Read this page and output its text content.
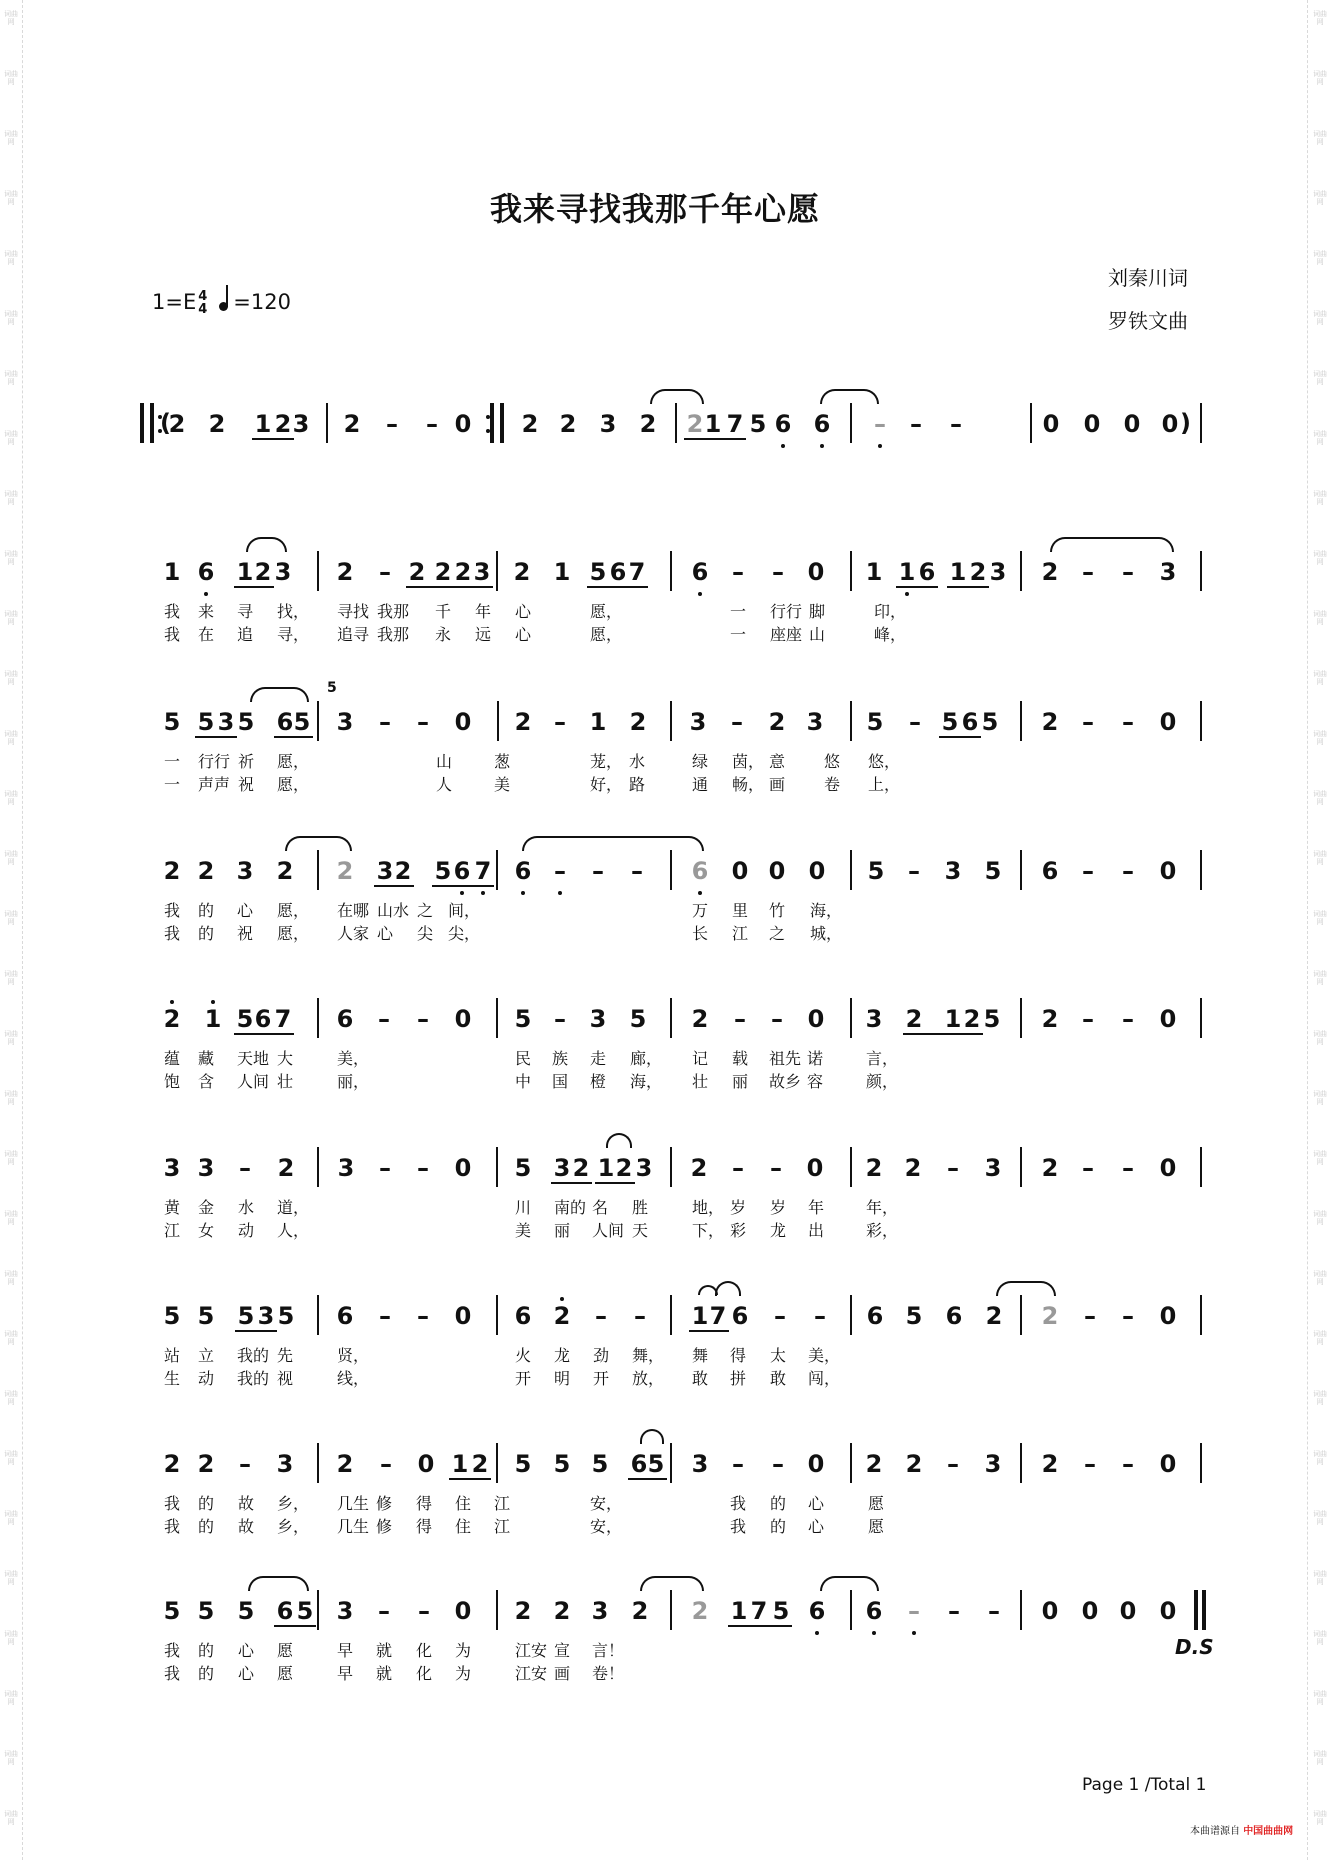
词曲网
词曲网
词曲网
词曲网
词曲网
词曲网
词曲网
词曲网
词曲网
词曲网
词曲网
词曲网
词曲网
词曲网
词曲网
词曲网
词曲网
词曲网
词曲网
词曲网
词曲网
词曲网
词曲网
词曲网
词曲网
词曲网
词曲网
词曲网
词曲网
词曲网
词曲网
词曲网
词曲网
词曲网
词曲网
词曲网
词曲网
词曲网
词曲网
词曲网
词曲网
词曲网
词曲网
词曲网
词曲网
词曲网
词曲网
词曲网
词曲网
词曲网
词曲网
词曲网
词曲网
词曲网
词曲网
词曲网
词曲网
词曲网
词曲网
词曲网
词曲网
词曲网
我来寻找我那千年心愿
刘秦川词
罗铁文曲
1=E 4
4 =120
2 2 1 2 3 2	–	– 0 2 2 3 2 2 1 7 5 6 6	–	–	–	0 0 0 0
(	)
1 6 1 2 3 2	– 2 2 2 3 2 1 5 6 7 6 –	– 0 1 1 6 1 2 3 2 –	–	3
我 来 寻 找， 寻找 我那 千 年 心	愿，	一 行行 脚	印，
我 在 追 寻， 追寻 我那 永 远 心	愿，	一 座座 山	峰，
5 5 3 5 6 5 3	–	–	0 2 – 1 2 3	–	2 3 5	– 5 6 5 2 –	–	0
一 行行 祈 愿，	山	葱	茏， 水	绿 茵， 意 悠 悠，
一 声声 祝 愿，	人	美	好， 路	通 畅， 画 卷 上，
2 2 3 2 2 3 2 5 6 7 6 –	–	–	6 0 0 0 5 –	3 5 6 –	–	0
我 的 心 愿， 在哪 山水 之 间，	万 里 竹 海，
我 的 祝 愿， 人家 心 尖 尖，	长 江 之 城，
2 1 5 6 7 6	–	–	0 5 – 3 5 2	–	–	0 3 2 1 2 5 2 –	–	0
蕴 藏 天地 大	美，	民 族 走 廊， 记 载 祖先 诺	言，
饱 含 人间 壮	丽，	中 国 橙 海， 壮 丽 故乡 容	颜，
3 3	–	2 3	–	–	0 5 3 2 1 2 3 2	–	–	0 2 2	–	3 2 –	–	0
黄 金 水 道，	川 南的 名 胜	地， 岁 岁 年	年，
江 女 动 人，	美 丽 人间 天	下， 彩 龙 出	彩，
5 5 5 3 5 6	–	–	0 6 2	–	–	1 7 6	–	–	6 5 6 2 2	–	–	0
站 立 我的 先	贤，	火 龙 劲 舞， 舞 得 太 美，
生 动 我的 视	线，	开 明 开 放， 敢 拼 敢 闯，
2 2	–	3 2	–	0 1 2 5 5 5 6 5 3 –	– 0 2 2	–	3 2	–	–	0
我 的 故 乡， 几生 修 得 住 江	安，	我 的 心	愿
我 的 故 乡， 几生 修 得 住 江	安，	我 的 心	愿
5 5 5 6 5 3	–	–	0 2 2 3 2 2 1 7 5 6 6	–	–	–	0 0 0 0
我 的 心 愿	早 就 化 为	江安 宣 言！
我 的 心 愿	早 就 化 为	江安 画 卷！
5
D.S
Page 1 /Total 1
本曲谱源自 中国曲曲网
